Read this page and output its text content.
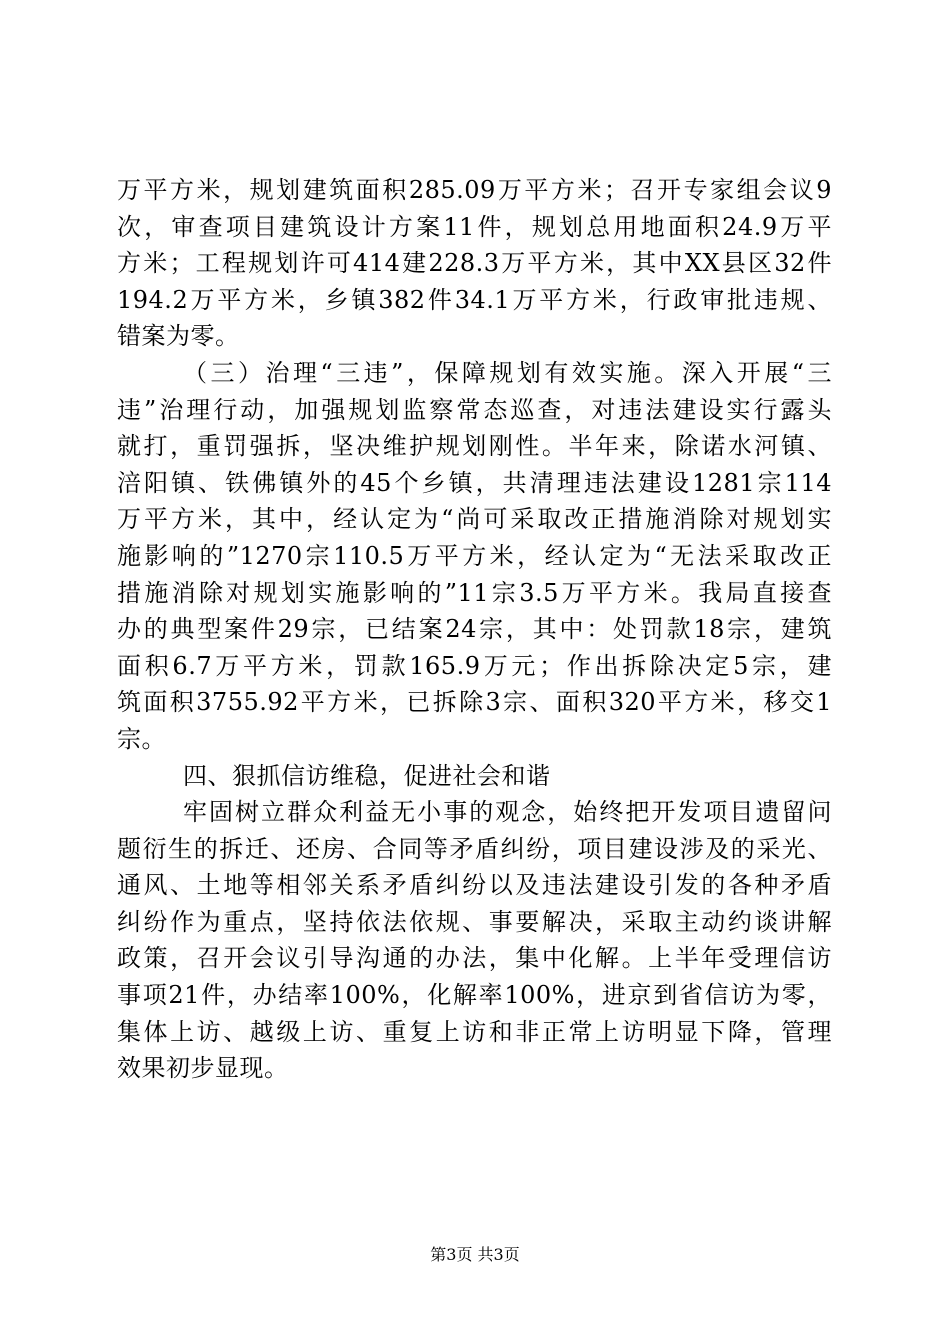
万平方米，规划建筑面积285.09万平方米；召开专家组会议9
次，审查项目建筑设计方案11件，规划总用地面积24.9万平
方米；工程规划许可414建228.3万平方米，其中XX县区32件
194.2万平方米，乡镇382件34.1万平方米，行政审批违规、
错案为零。
（三）治理“三违”，保障规划有效实施。深入开展“三
违”治理行动，加强规划监察常态巡查，对违法建设实行露头
就打，重罚强拆，坚决维护规划刚性。半年来，除诺水河镇、
涪阳镇、铁佛镇外的45个乡镇，共清理违法建设1281宗114
万平方米，其中，经认定为“尚可采取改正措施消除对规划实
施影响的”1270宗110.5万平方米，经认定为“无法采取改正
措施消除对规划实施影响的”11宗3.5万平方米。我局直接查
办的典型案件29宗，已结案24宗，其中：处罚款18宗，建筑
面积6.7万平方米，罚款165.9万元；作出拆除决定5宗，建
筑面积3755.92平方米，已拆除3宗、面积320平方米，移交1
宗。
四、狠抓信访维稳，促进社会和谐
牢固树立群众利益无小事的观念，始终把开发项目遗留问
题衍生的拆迁、还房、合同等矛盾纠纷，项目建设涉及的采光、
通风、土地等相邻关系矛盾纠纷以及违法建设引发的各种矛盾
纠纷作为重点，坚持依法依规、事要解决，采取主动约谈讲解
政策，召开会议引导沟通的办法，集中化解。上半年受理信访
事项21件，办结率100%，化解率100%，进京到省信访为零，
集体上访、越级上访、重复上访和非正常上访明显下降，管理
效果初步显现。
第3页 共3页
